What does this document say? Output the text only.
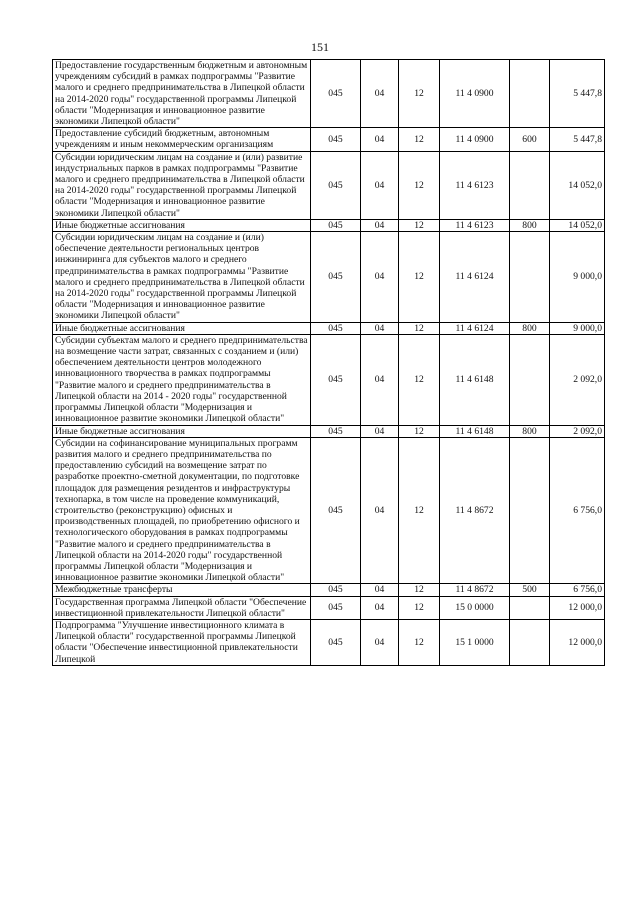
151
Предоставление государственным бюджетным и автономным учреждениям субсидий в рамках подпрограммы "Развитие малого и среднего предпринимательства в Липецкой области на 2014-2020 годы" государственной программы Липецкой области "Модернизация и инновационное развитие экономики Липецкой области"	045	04	12	11 4 0900		5 447,8
Предоставление субсидий бюджетным, автономным учреждениям и иным некоммерческим организациям	045	04	12	11 4 0900	600	5 447,8
Субсидии юридическим лицам на создание и (или) развитие индустриальных парков в рамках подпрограммы "Развитие малого и среднего предпринимательства в Липецкой области на 2014-2020 годы" государственной программы Липецкой области "Модернизация и инновационное развитие экономики Липецкой области"	045	04	12	11 4 6123		14 052,0
Иные бюджетные ассигнования	045	04	12	11 4 6123	800	14 052,0
Субсидии юридическим лицам на создание и (или) обеспечение деятельности региональных центров инжиниринга для субъектов малого и среднего предпринимательства в рамках подпрограммы "Развитие малого и среднего предпринимательства в Липецкой области на 2014-2020 годы" государственной программы Липецкой области "Модернизация и инновационное развитие экономики Липецкой области"	045	04	12	11 4 6124		9 000,0
Иные бюджетные ассигнования	045	04	12	11 4 6124	800	9 000,0
Субсидии субъектам малого и среднего предпринимательства на возмещение части затрат, связанных с созданием и (или) обеспечением деятельности центров молодежного инновационного творчества в рамках подпрограммы "Развитие малого и среднего предпринимательства в Липецкой области на 2014 - 2020 годы" государственной программы Липецкой области "Модернизация и инновационное развитие экономики Липецкой области"	045	04	12	11 4 6148		2 092,0
Иные бюджетные ассигнования	045	04	12	11 4 6148	800	2 092,0
Субсидии на софинансирование муниципальных программ развития малого и среднего предпринимательства по предоставлению субсидий на возмещение затрат по разработке проектно-сметной документации, по подготовке площадок для размещения резидентов и инфраструктуры технопарка, в том числе на проведение коммуникаций, строительство (реконструкцию) офисных и производственных площадей, по приобретению офисного и технологического оборудования в рамках подпрограммы "Развитие малого и среднего предпринимательства в Липецкой области на 2014-2020 годы" государственной программы Липецкой области "Модернизация и инновационное развитие экономики Липецкой области"	045	04	12	11 4 8672		6 756,0
Межбюджетные трансферты	045	04	12	11 4 8672	500	6 756,0
Государственная программа Липецкой области "Обеспечение инвестиционной привлекательности Липецкой области"	045	04	12	15 0 0000		12 000,0
Подпрограмма "Улучшение инвестиционного климата в Липецкой области" государственной программы Липецкой области "Обеспечение инвестиционной привлекательности Липецкой	045	04	12	15 1 0000		12 000,0
